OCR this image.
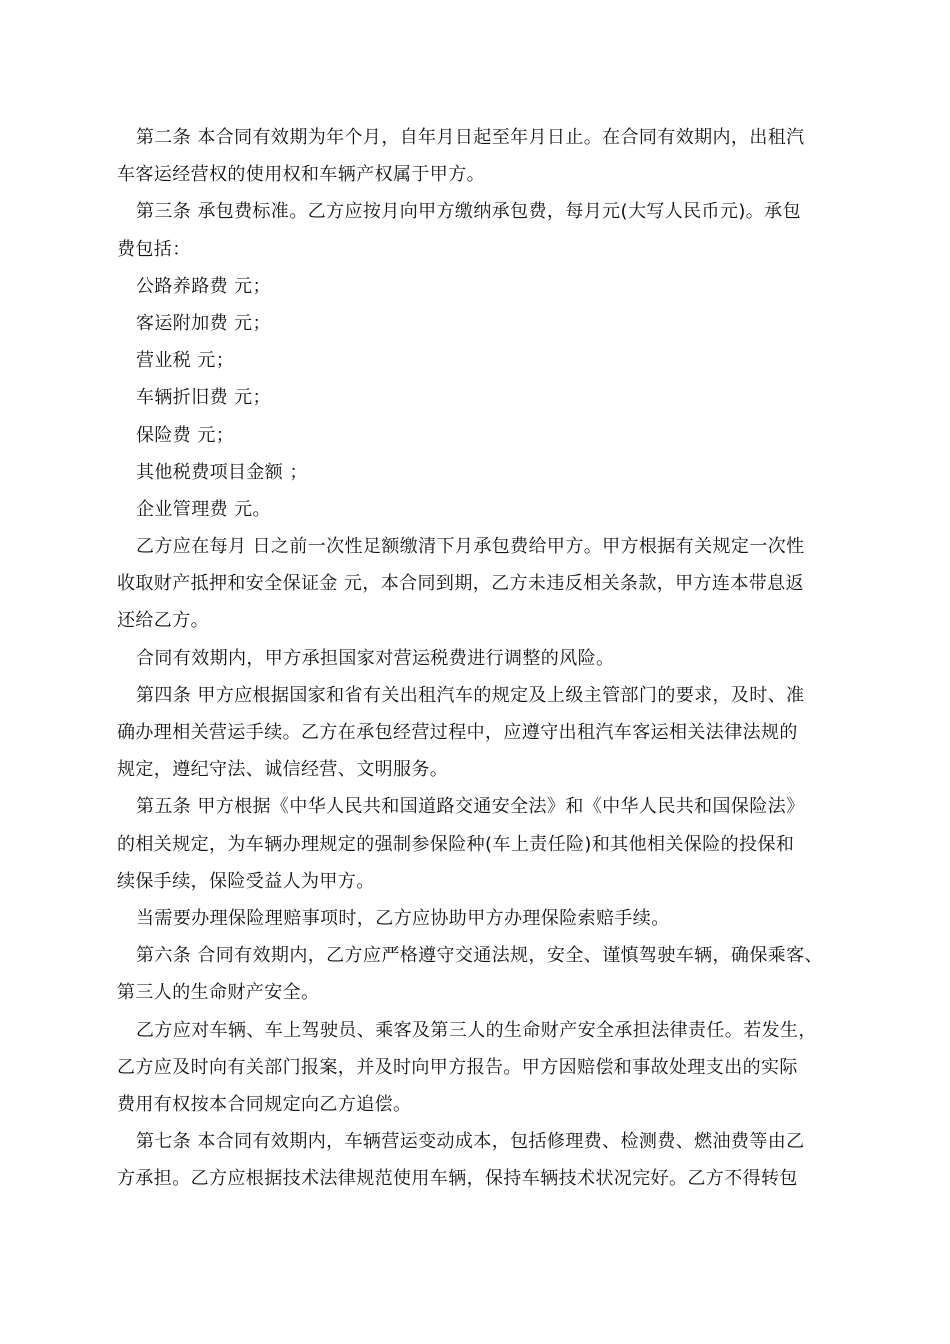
第二条 本合同有效期为年个月，自年月日起至年月日止。在合同有效期内，出租汽
车客运经营权的使用权和车辆产权属于甲方。
第三条 承包费标准。乙方应按月向甲方缴纳承包费，每月元(大写人民币元)。承包
费包括：
公路养路费 元；
客运附加费 元；
营业税 元；
车辆折旧费 元；
保险费 元；
其他税费项目金额 ；
企业管理费 元。
乙方应在每月 日之前一次性足额缴清下月承包费给甲方。甲方根据有关规定一次性
收取财产抵押和安全保证金 元，本合同到期，乙方未违反相关条款，甲方连本带息返
还给乙方。
合同有效期内，甲方承担国家对营运税费进行调整的风险。
第四条 甲方应根据国家和省有关出租汽车的规定及上级主管部门的要求，及时、准
确办理相关营运手续。乙方在承包经营过程中，应遵守出租汽车客运相关法律法规的
规定，遵纪守法、诚信经营、文明服务。
第五条 甲方根据《中华人民共和国道路交通安全法》和《中华人民共和国保险法》
的相关规定，为车辆办理规定的强制参保险种(车上责任险)和其他相关保险的投保和
续保手续，保险受益人为甲方。
当需要办理保险理赔事项时，乙方应协助甲方办理保险索赔手续。
第六条 合同有效期内，乙方应严格遵守交通法规，安全、谨慎驾驶车辆，确保乘客、
第三人的生命财产安全。
乙方应对车辆、车上驾驶员、乘客及第三人的生命财产安全承担法律责任。若发生，
乙方应及时向有关部门报案，并及时向甲方报告。甲方因赔偿和事故处理支出的实际
费用有权按本合同规定向乙方追偿。
第七条 本合同有效期内，车辆营运变动成本，包括修理费、检测费、燃油费等由乙
方承担。乙方应根据技术法律规范使用车辆，保持车辆技术状况完好。乙方不得转包
